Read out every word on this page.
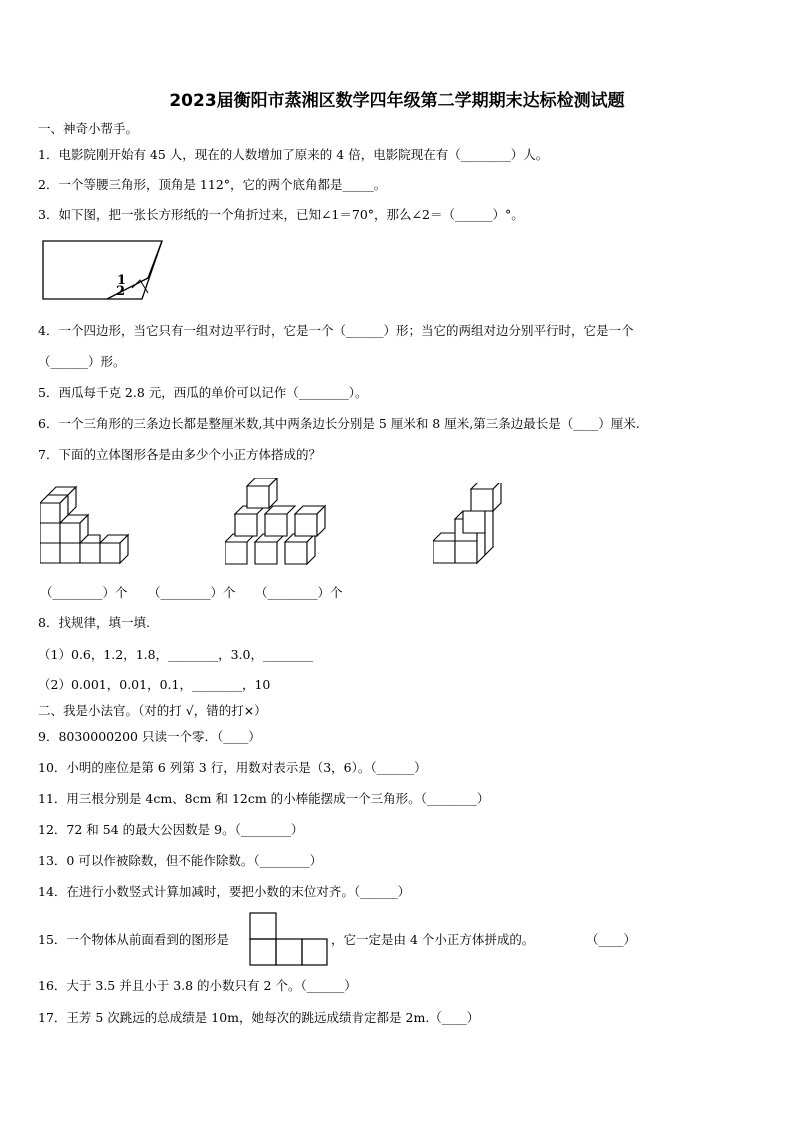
2023届衡阳市蒸湘区数学四年级第二学期期末达标检测试题
一、神奇小帮手。
1．电影院刚开始有 45 人，现在的人数增加了原来的 4 倍，电影院现在有（________）人。
2．一个等腰三角形，顶角是 112°，它的两个底角都是_____。
3．如下图，把一张长方形纸的一个角折过来，已知∠1＝70°，那么∠2＝（______）°。
2
1
4．一个四边形，当它只有一组对边平行时，它是一个（______）形；当它的两组对边分别平行时，它是一个
（______）形。
5．西瓜每千克 2.8 元，西瓜的单价可以记作（________）。
6．一个三角形的三条边长都是整厘米数,其中两条边长分别是 5 厘米和 8 厘米,第三条边最长是（____）厘米.
7．下面的立体图形各是由多少个小正方体搭成的？
（________）个 （________）个 （________）个
8．找规律，填一填.
（1）0.6，1.2，1.8，________，3.0，________
（2）0.001，0.01，0.1，________，10
二、我是小法官。（对的打 √，错的打×）
9．8030000200 只读一个零．（____）
10．小明的座位是第 6 列第 3 行，用数对表示是（3，6）。（______）
11．用三根分别是 4cm、8cm 和 12cm 的小棒能摆成一个三角形。（________）
12．72 和 54 的最大公因数是 9。（________）
13．0 可以作被除数，但不能作除数。（________）
14．在进行小数竖式计算加减时，要把小数的末位对齐。（______）
15．一个物体从前面看到的图形是	，它一定是由 4 个小正方体拼成的。	（____）
16．大于 3.5 并且小于 3.8 的小数只有 2 个。（______）
17．王芳 5 次跳远的总成绩是 10m，她每次的跳远成绩肯定都是 2m.（____）
